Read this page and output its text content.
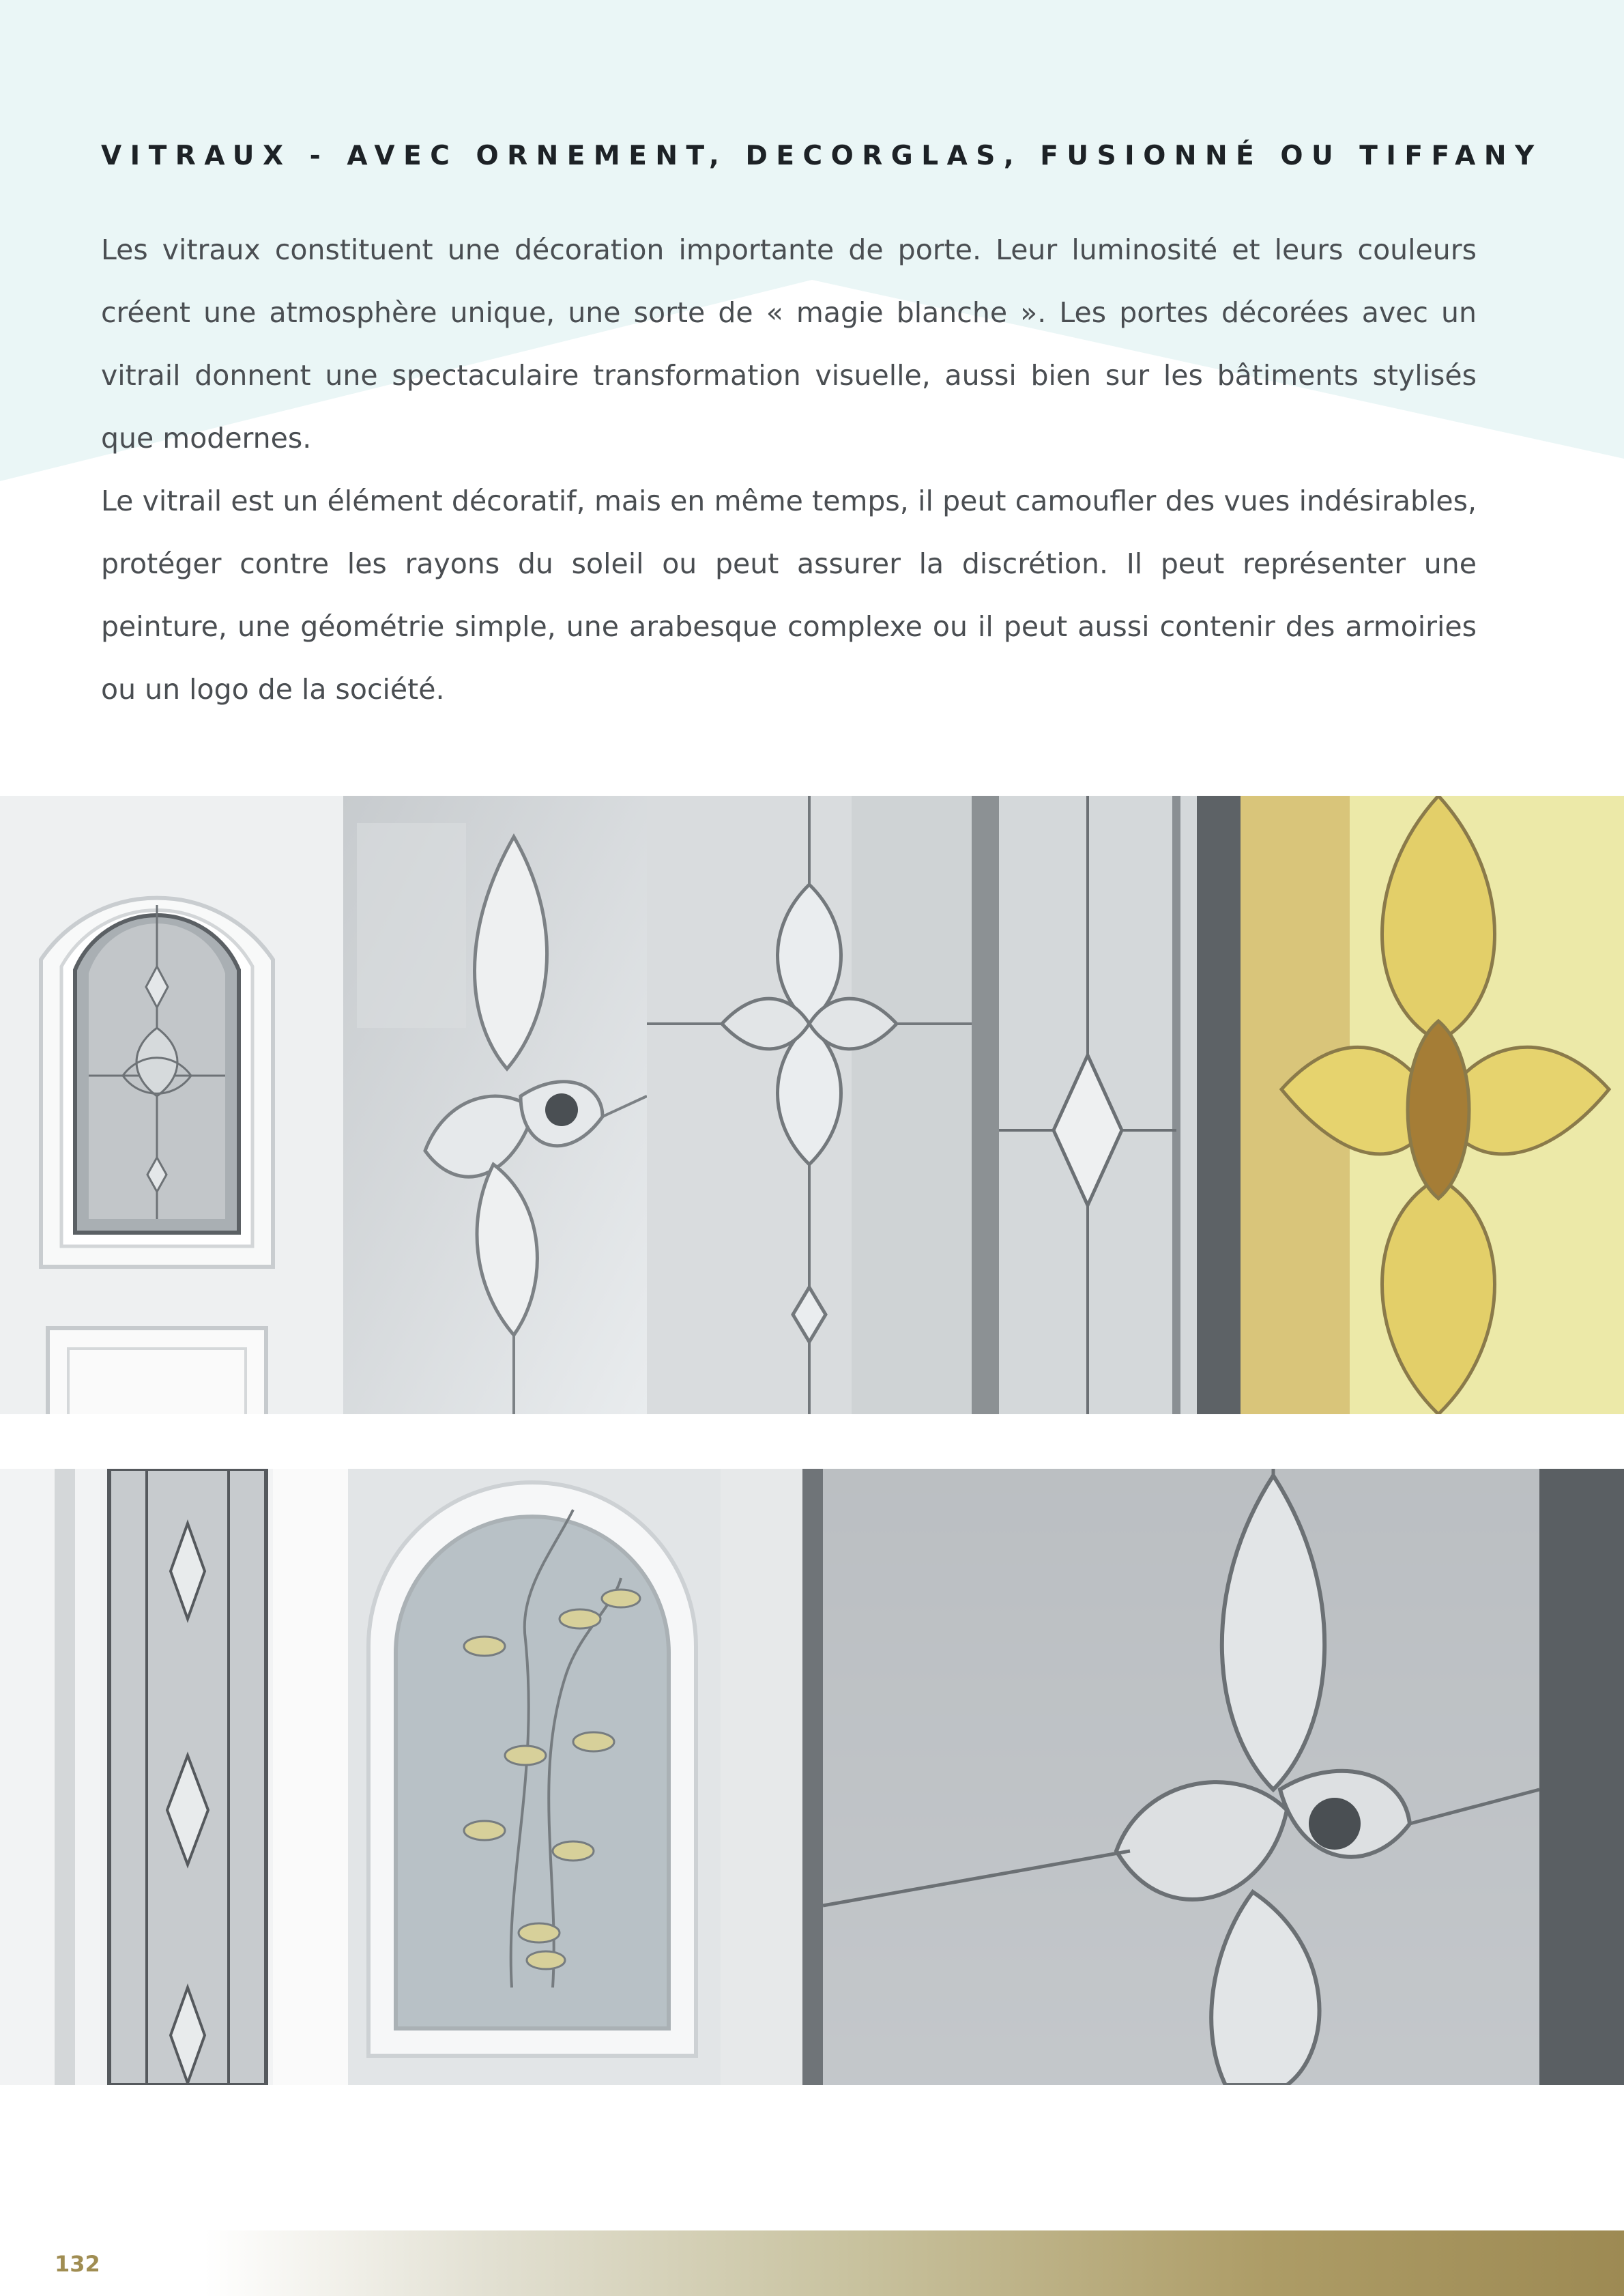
VITRAUX - AVEC ORNEMENT, DECORGLAS, FUSIONNÉ OU TIFFANY

Les vitraux constituent une décoration importante de porte. Leur luminosité et leurs couleurs créent une atmosphère unique, une sorte de « magie blanche ». Les portes décorées avec un vitrail donnent une spectaculaire transformation visuelle, aussi bien sur les bâtiments stylisés que modernes.

Le vitrail est un élément décoratif, mais en même temps, il peut camoufler des vues indésirables, protéger contre les rayons du soleil ou peut assurer la discrétion. Il peut représenter une peinture, une géométrie simple, une arabesque complexe ou il peut aussi contenir des armoiries ou un logo de la société.

132
